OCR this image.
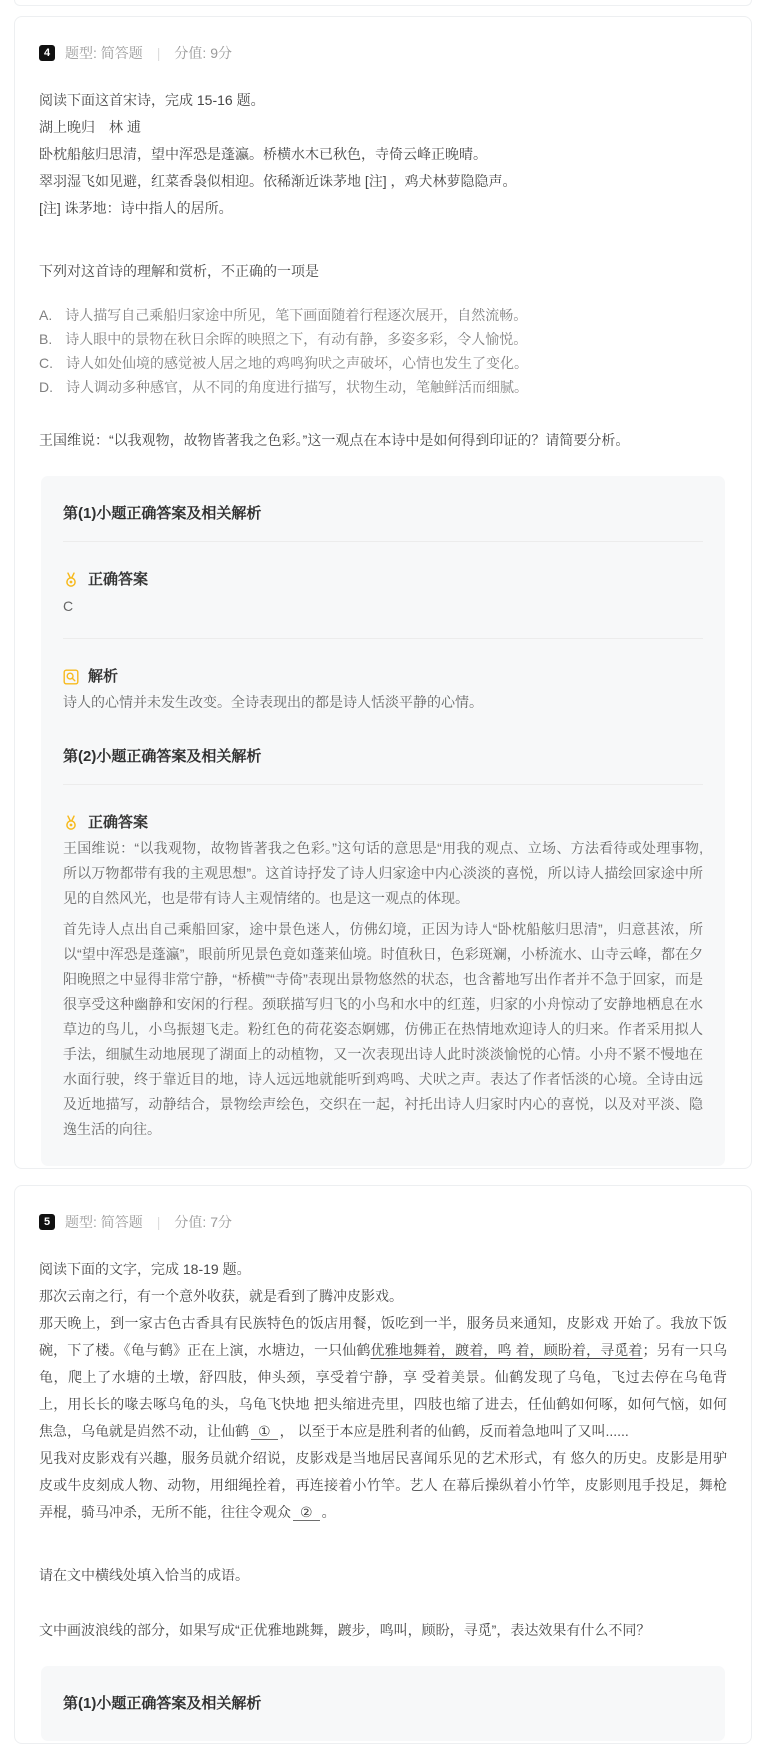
4	题型: 简答题 | 分值: 9分

阅读下面这首宋诗，完成 15-16 题。

湖上晚归　林 逋

卧枕船舷归思清，望中浑恐是蓬瀛。桥横水木已秋色，寺倚云峰正晚晴。

翠羽湿飞如见避，红菜香袅似相迎。依稀渐近诛茅地 [注] ，鸡犬林萝隐隐声。

[注] 诛茅地：诗中指人的居所。

下列对这首诗的理解和赏析，不正确的一项是

A. 诗人描写自己乘船归家途中所见，笔下画面随着行程逐次展开，自然流畅。

B. 诗人眼中的景物在秋日余晖的映照之下，有动有静，多姿多彩，令人愉悦。

C. 诗人如处仙境的感觉被人居之地的鸡鸣狗吠之声破坏，心情也发生了变化。

D. 诗人调动多种感官，从不同的角度进行描写，状物生动，笔触鲜活而细腻。

王国维说：“以我观物，故物皆著我之色彩。”这一观点在本诗中是如何得到印证的？请简要分析。

第(1)小题正确答案及相关解析

正确答案

C

解析

诗人的心情并未发生改变。全诗表现出的都是诗人恬淡平静的心情。

第(2)小题正确答案及相关解析

正确答案

王国维说：“以我观物，故物皆著我之色彩。”这句话的意思是“用我的观点、立场、方法看待或处理事物,所以万物都带有我的主观思想”。这首诗抒发了诗人归家途中内心淡淡的喜悦，所以诗人描绘回家途中所见的自然风光，也是带有诗人主观情绪的。也是这一观点的体现。

首先诗人点出自己乘船回家，途中景色迷人，仿佛幻境，正因为诗人“卧枕船舷归思清”，归意甚浓，所以“望中浑恐是蓬瀛”，眼前所见景色竟如蓬莱仙境。时值秋日，色彩斑斓，小桥流水、山寺云峰，都在夕阳晚照之中显得非常宁静，“桥横”“寺倚”表现出景物悠然的状态，也含蓄地写出作者并不急于回家，而是很享受这种幽静和安闲的行程。颈联描写归飞的小鸟和水中的红莲，归家的小舟惊动了安静地栖息在水草边的鸟儿，小鸟振翅飞走。粉红色的荷花姿态婀娜，仿佛正在热情地欢迎诗人的归来。作者采用拟人手法，细腻生动地展现了湖面上的动植物，又一次表现出诗人此时淡淡愉悦的心情。小舟不紧不慢地在水面行驶，终于靠近目的地，诗人远远地就能听到鸡鸣、犬吠之声。表达了作者恬淡的心境。全诗由远及近地描写，动静结合，景物绘声绘色，交织在一起，衬托出诗人归家时内心的喜悦，以及对平淡、隐逸生活的向往。

5	题型: 简答题 | 分值: 7分

阅读下面的文字，完成 18-19 题。

那次云南之行，有一个意外收获，就是看到了腾冲皮影戏。

那天晚上，到一家古色古香具有民族特色的饭店用餐，饭吃到一半，服务员来通知，皮影戏 开始了。我放下饭碗，下了楼。《龟与鹤》正在上演，水塘边，一只仙鹤优雅地舞着，踱着，鸣 着，顾盼着，寻觅着；另有一只乌龟，爬上了水塘的土墩，舒四肢，伸头颈，享受着宁静，享 受着美景。仙鹤发现了乌龟，飞过去停在乌龟背上，用长长的喙去啄乌龟的头，乌龟飞快地 把头缩进壳里，四肢也缩了进去，任仙鹤如何啄，如何气恼，如何焦急，乌龟就是岿然不动，让仙鹤 ① ， 以至于本应是胜利者的仙鹤，反而着急地叫了又叫......

见我对皮影戏有兴趣，服务员就介绍说，皮影戏是当地居民喜闻乐见的艺术形式，有 悠久的历史。皮影是用驴皮或牛皮刻成人物、动物，用细绳拴着，再连接着小竹竿。艺人 在幕后操纵着小竹竿，皮影则甩手投足，舞枪弄棍，骑马冲杀，无所不能，往往令观众 ② 。

请在文中横线处填入恰当的成语。

文中画波浪线的部分，如果写成“正优雅地跳舞，踱步，鸣叫，顾盼，寻觅”，表达效果有什么不同？

第(1)小题正确答案及相关解析
